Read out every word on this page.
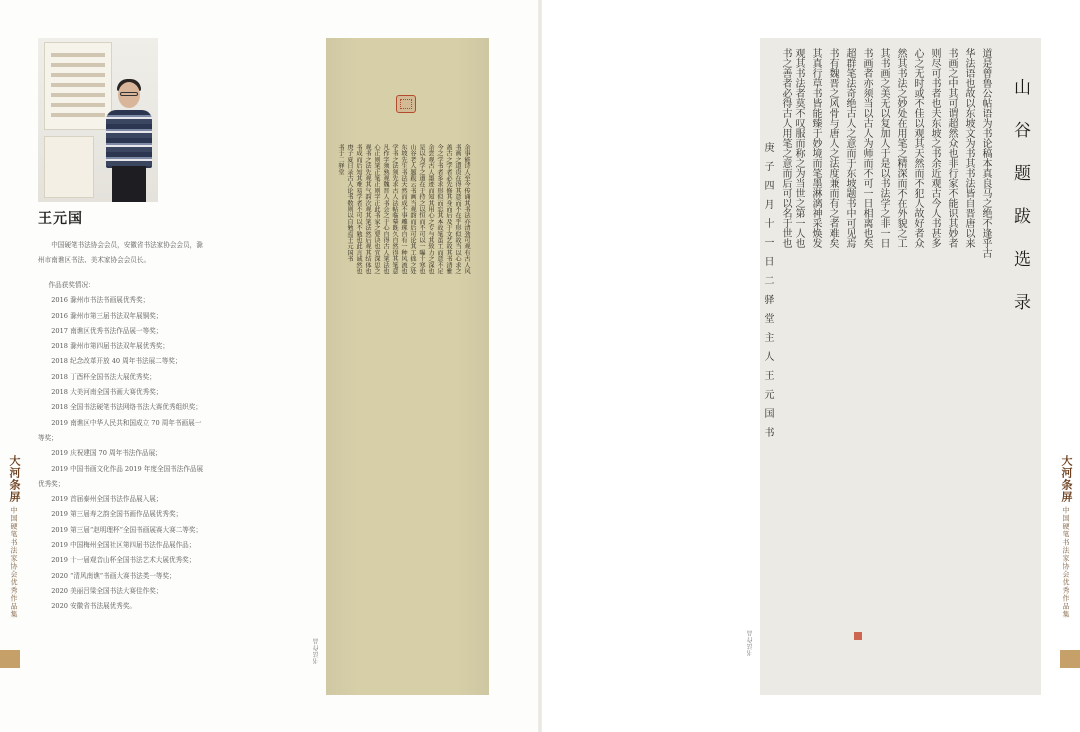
王元国

中国硬笔书法协会会员，安徽省书法家协会会员，滁州市南谯区书法、美术家协会会员长。

作品获奖情况：
2016 滁州市书法书画展优秀奖；
2016 滁州市第三届书法双年展铜奖；
2017 南谯区优秀书法作品展一等奖；
2018 滁州市第四届书法双年展优秀奖；
2018 纪念改革开放 40 周年书法展二等奖；
2018 丁酉杯全国书法大展优秀奖；
2018 大美河南全国书画大赛优秀奖；
2018 全国书法硬笔书法网络书法大赛优秀组织奖；
2019 南谯区中华人民共和国成立 70 周年书画展一等奖；
2019 庆祝建国 70 周年书法作品展；
2019 中国书画文化作品 2019 年度全国书法作品展优秀奖；
2019 首届泰州全国书法作品展入展；
2019 第三届寿之韵全国书画作品展优秀奖；
2019 第三届“赵明理杯”全国书画展赛大赛二等奖；
2019 中国梅州全国社区第四届书法作品展作品；
2019 十一届观音山杯全国书法艺术大展优秀奖；
2020 “清风南谯”书画大赛书法类一等奖；
2020 美丽吕梁全国书法大赛佳作奖；
2020 安徽省书法展优秀奖。
大河条屏 中国硬笔书法家协会优秀作品集
余事能诗人至今传诵其书法亦清劲可观有古人风
书画之道贵在得其意而不在乎形似故当以心求之
盖古之学者必先修其身而后及于文艺故其书清雅
今之学书者多求形似而忘其本故笔虽工而意不足
余尝观古人墨迹而知其用心之专与其致力之深也
是以为学之道在于持之以恒而不可以一曝十寒也
山谷老人题跋云书画当观韵而后可论其工拙之处
东坡先生书法天然而成不事雕琢自有一种风流也
学书之法须先求古人法帖临摹既久自然得其笔意
凡作字须熟观魏晋人书会之于心自得古人笔法也
心正则笔正笔正则字正此书家之要诀也宜深思之
观书之法先观其气韵次观其笔法然后观其结体也
书成而后知其难易学者不可以不勉也此言诚然也
庚子夏日录古人论书数则以自勉焉王元国书
书于二驿堂
书法作品
山谷题跋选录
庚子四月十一日二驿堂主人王元国书	道是曾鲁公帖语为书论稿本真良马之绝不逢乎古
华法语也故以东坡文为书其书法皆自晋唐以来
书画之中其可谓超然众也非行家不能识其妙者
则尽可书者也夫东坡之书余近观古今人书甚多
心之无时或不佳以观其天然而不犯人故好者众
然其书法之妙处在用笔之精深而不在外貌之工
其书画之美无以复加人于是以书法学之非一日
书画者亦须当以古人为师而不可一日相离也矣
超群笔法奇绝古人之意而于东坡题书中可见焉
书有魏晋之风骨与唐人之法度兼而有之者难矣
其真行草书皆能臻于妙境而笔墨淋漓神采焕发
观其书法者莫不叹服而称之为当世之第一人也
书之善者必得古人用笔之意而后可以名于世也
书法作品
大河条屏 中国硬笔书法家协会优秀作品集
